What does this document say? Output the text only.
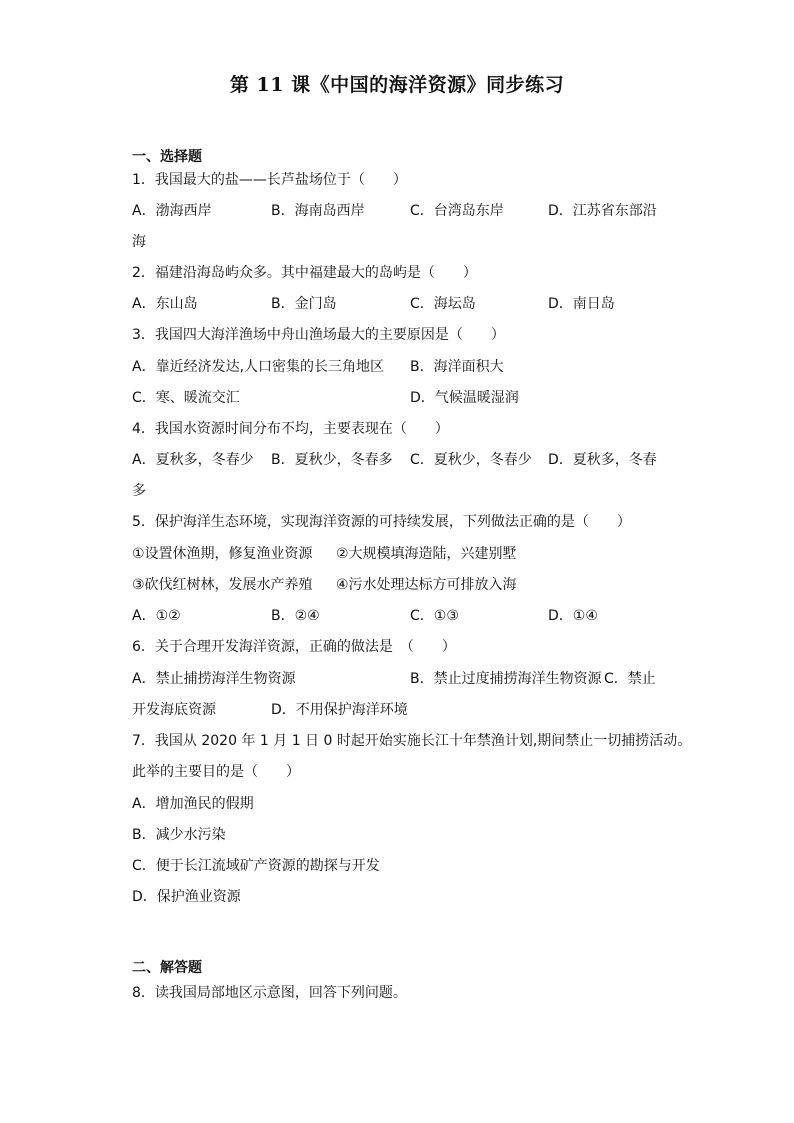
第 11 课《中国的海洋资源》同步练习
一、选择题
1．我国最大的盐——长芦盐场位于（　　）
A．渤海西岸	B．海南岛西岸	C．台湾岛东岸	D．江苏省东部沿
海
2．福建沿海岛屿众多。其中福建最大的岛屿是（　　）
A．东山岛	B．金门岛	C．海坛岛	D．南日岛
3．我国四大海洋渔场中舟山渔场最大的主要原因是（　　）
A．靠近经济发达,人口密集的长三角地区 B．海洋面积大
C．寒、暖流交汇	D．气候温暖湿润
4．我国水资源时间分布不均，主要表现在（　　）
A．夏秋多，冬春少 B．夏秋少，冬春多 C．夏秋少，冬春少 D．夏秋多，冬春
多
5．保护海洋生态环境，实现海洋资源的可持续发展，下列做法正确的是（　　）
①设置休渔期，修复渔业资源 ②大规模填海造陆，兴建别墅
③砍伐红树林，发展水产养殖 ④污水处理达标方可排放入海
A．①②	B．②④	C．①③	D．①④
6．关于合理开发海洋资源，正确的做法是　（　　）
A．禁止捕捞海洋生物资源	B．禁止过度捕捞海洋生物资源 C．禁止
开发海底资源	D．不用保护海洋环境
7．我国从 2020 年 1 月 1 日 0 时起开始实施长江十年禁渔计划,期间禁止一切捕捞活动。
此举的主要目的是（　　）
A．增加渔民的假期
B．减少水污染
C．便于长江流域矿产资源的勘探与开发
D．保护渔业资源
二、解答题
8．读我国局部地区示意图，回答下列问题。
